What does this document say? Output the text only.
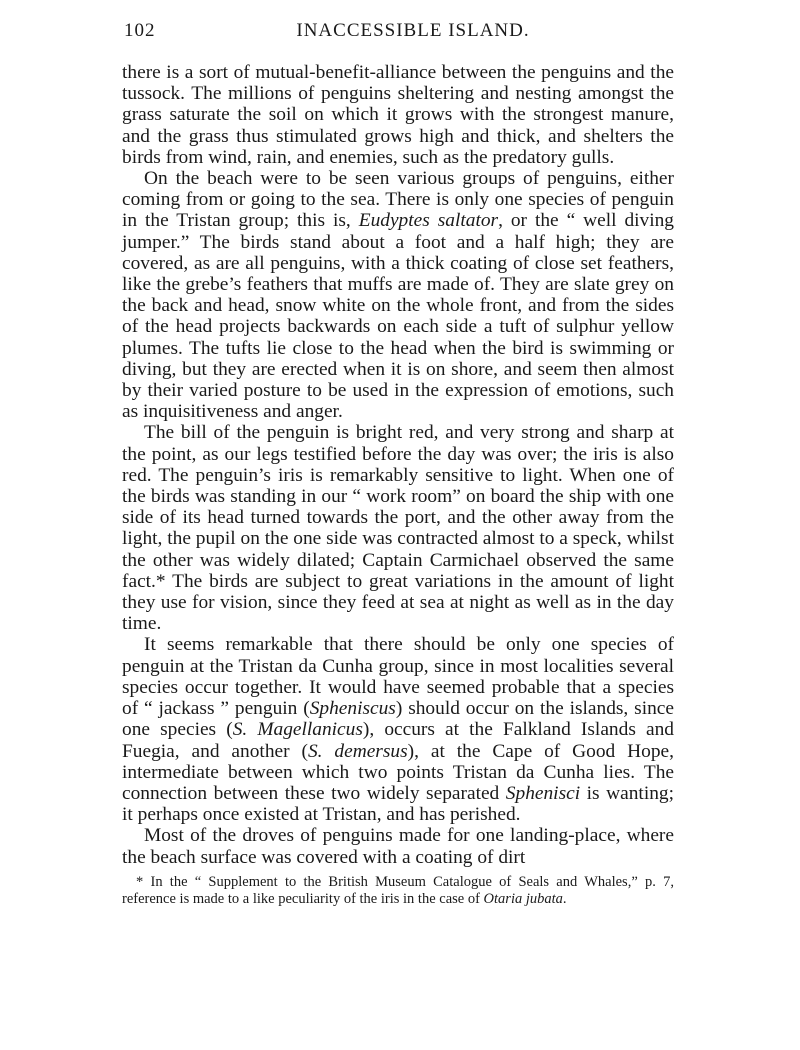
102	INACCESSIBLE ISLAND.

there is a sort of mutual-benefit-alliance between the penguins and the tussock. The millions of penguins sheltering and nesting amongst the grass saturate the soil on which it grows with the strongest manure, and the grass thus stimulated grows high and thick, and shelters the birds from wind, rain, and enemies, such as the predatory gulls.

On the beach were to be seen various groups of penguins, either coming from or going to the sea. There is only one species of penguin in the Tristan group; this is, Eudyptes saltator, or the “ well diving jumper.” The birds stand about a foot and a half high; they are covered, as are all penguins, with a thick coating of close set feathers, like the grebe’s feathers that muffs are made of. They are slate grey on the back and head, snow white on the whole front, and from the sides of the head projects backwards on each side a tuft of sulphur yellow plumes. The tufts lie close to the head when the bird is swimming or diving, but they are erected when it is on shore, and seem then almost by their varied posture to be used in the expression of emotions, such as inquisitiveness and anger.

The bill of the penguin is bright red, and very strong and sharp at the point, as our legs testified before the day was over; the iris is also red. The penguin’s iris is remarkably sensitive to light. When one of the birds was standing in our “ work room” on board the ship with one side of its head turned towards the port, and the other away from the light, the pupil on the one side was contracted almost to a speck, whilst the other was widely dilated; Captain Carmichael observed the same fact.* The birds are subject to great variations in the amount of light they use for vision, since they feed at sea at night as well as in the day time.

It seems remarkable that there should be only one species of penguin at the Tristan da Cunha group, since in most localities several species occur together. It would have seemed probable that a species of “ jackass ” penguin (Spheniscus) should occur on the islands, since one species (S. Magellanicus), occurs at the Falkland Islands and Fuegia, and another (S. demersus), at the Cape of Good Hope, intermediate between which two points Tristan da Cunha lies. The connection between these two widely separated Sphenisci is wanting; it perhaps once existed at Tristan, and has perished.

Most of the droves of penguins made for one landing-place, where the beach surface was covered with a coating of dirt

* In the “ Supplement to the British Museum Catalogue of Seals and Whales,” p. 7, reference is made to a like peculiarity of the iris in the case of Otaria jubata.
